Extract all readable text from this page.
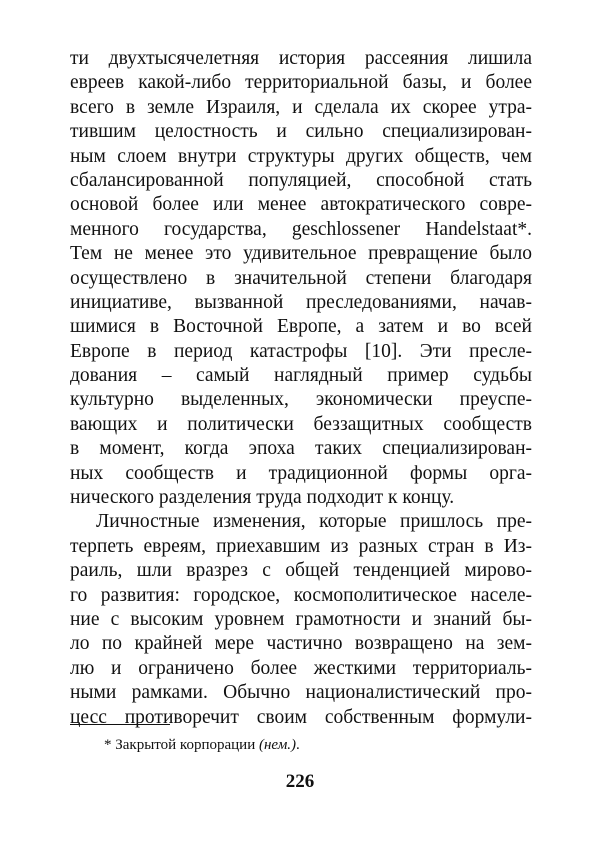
ти двухтысячелетняя история рассеяния лишила
евреев какой-либо территориальной базы, и более
всего в земле Израиля, и сделала их скорее утра-
тившим целостность и сильно специализирован-
ным слоем внутри структуры других обществ, чем
сбалансированной популяцией, способной стать
основой более или менее автократического совре-
менного государства, geschlossener Handelstaat*.
Тем не менее это удивительное превращение было
осуществлено в значительной степени благодаря
инициативе, вызванной преследованиями, начав-
шимися в Восточной Европе, а затем и во всей
Европе в период катастрофы [10]. Эти пресле-
дования – самый наглядный пример судьбы
культурно выделенных, экономически преуспе-
вающих и политически беззащитных сообществ
в момент, когда эпоха таких специализирован-
ных сообществ и традиционной формы орга-
нического разделения труда подходит к концу.
Личностные изменения, которые пришлось пре-
терпеть евреям, приехавшим из разных стран в Из-
раиль, шли вразрез с общей тенденцией мирово-
го развития: городское, космополитическое населе-
ние с высоким уровнем грамотности и знаний бы-
ло по крайней мере частично возвращено на зем-
лю и ограничено более жесткими территориаль-
ными рамками. Обычно националистический про-
цесс противоречит своим собственным формули-
* Закрытой корпорации (нем.).
226
